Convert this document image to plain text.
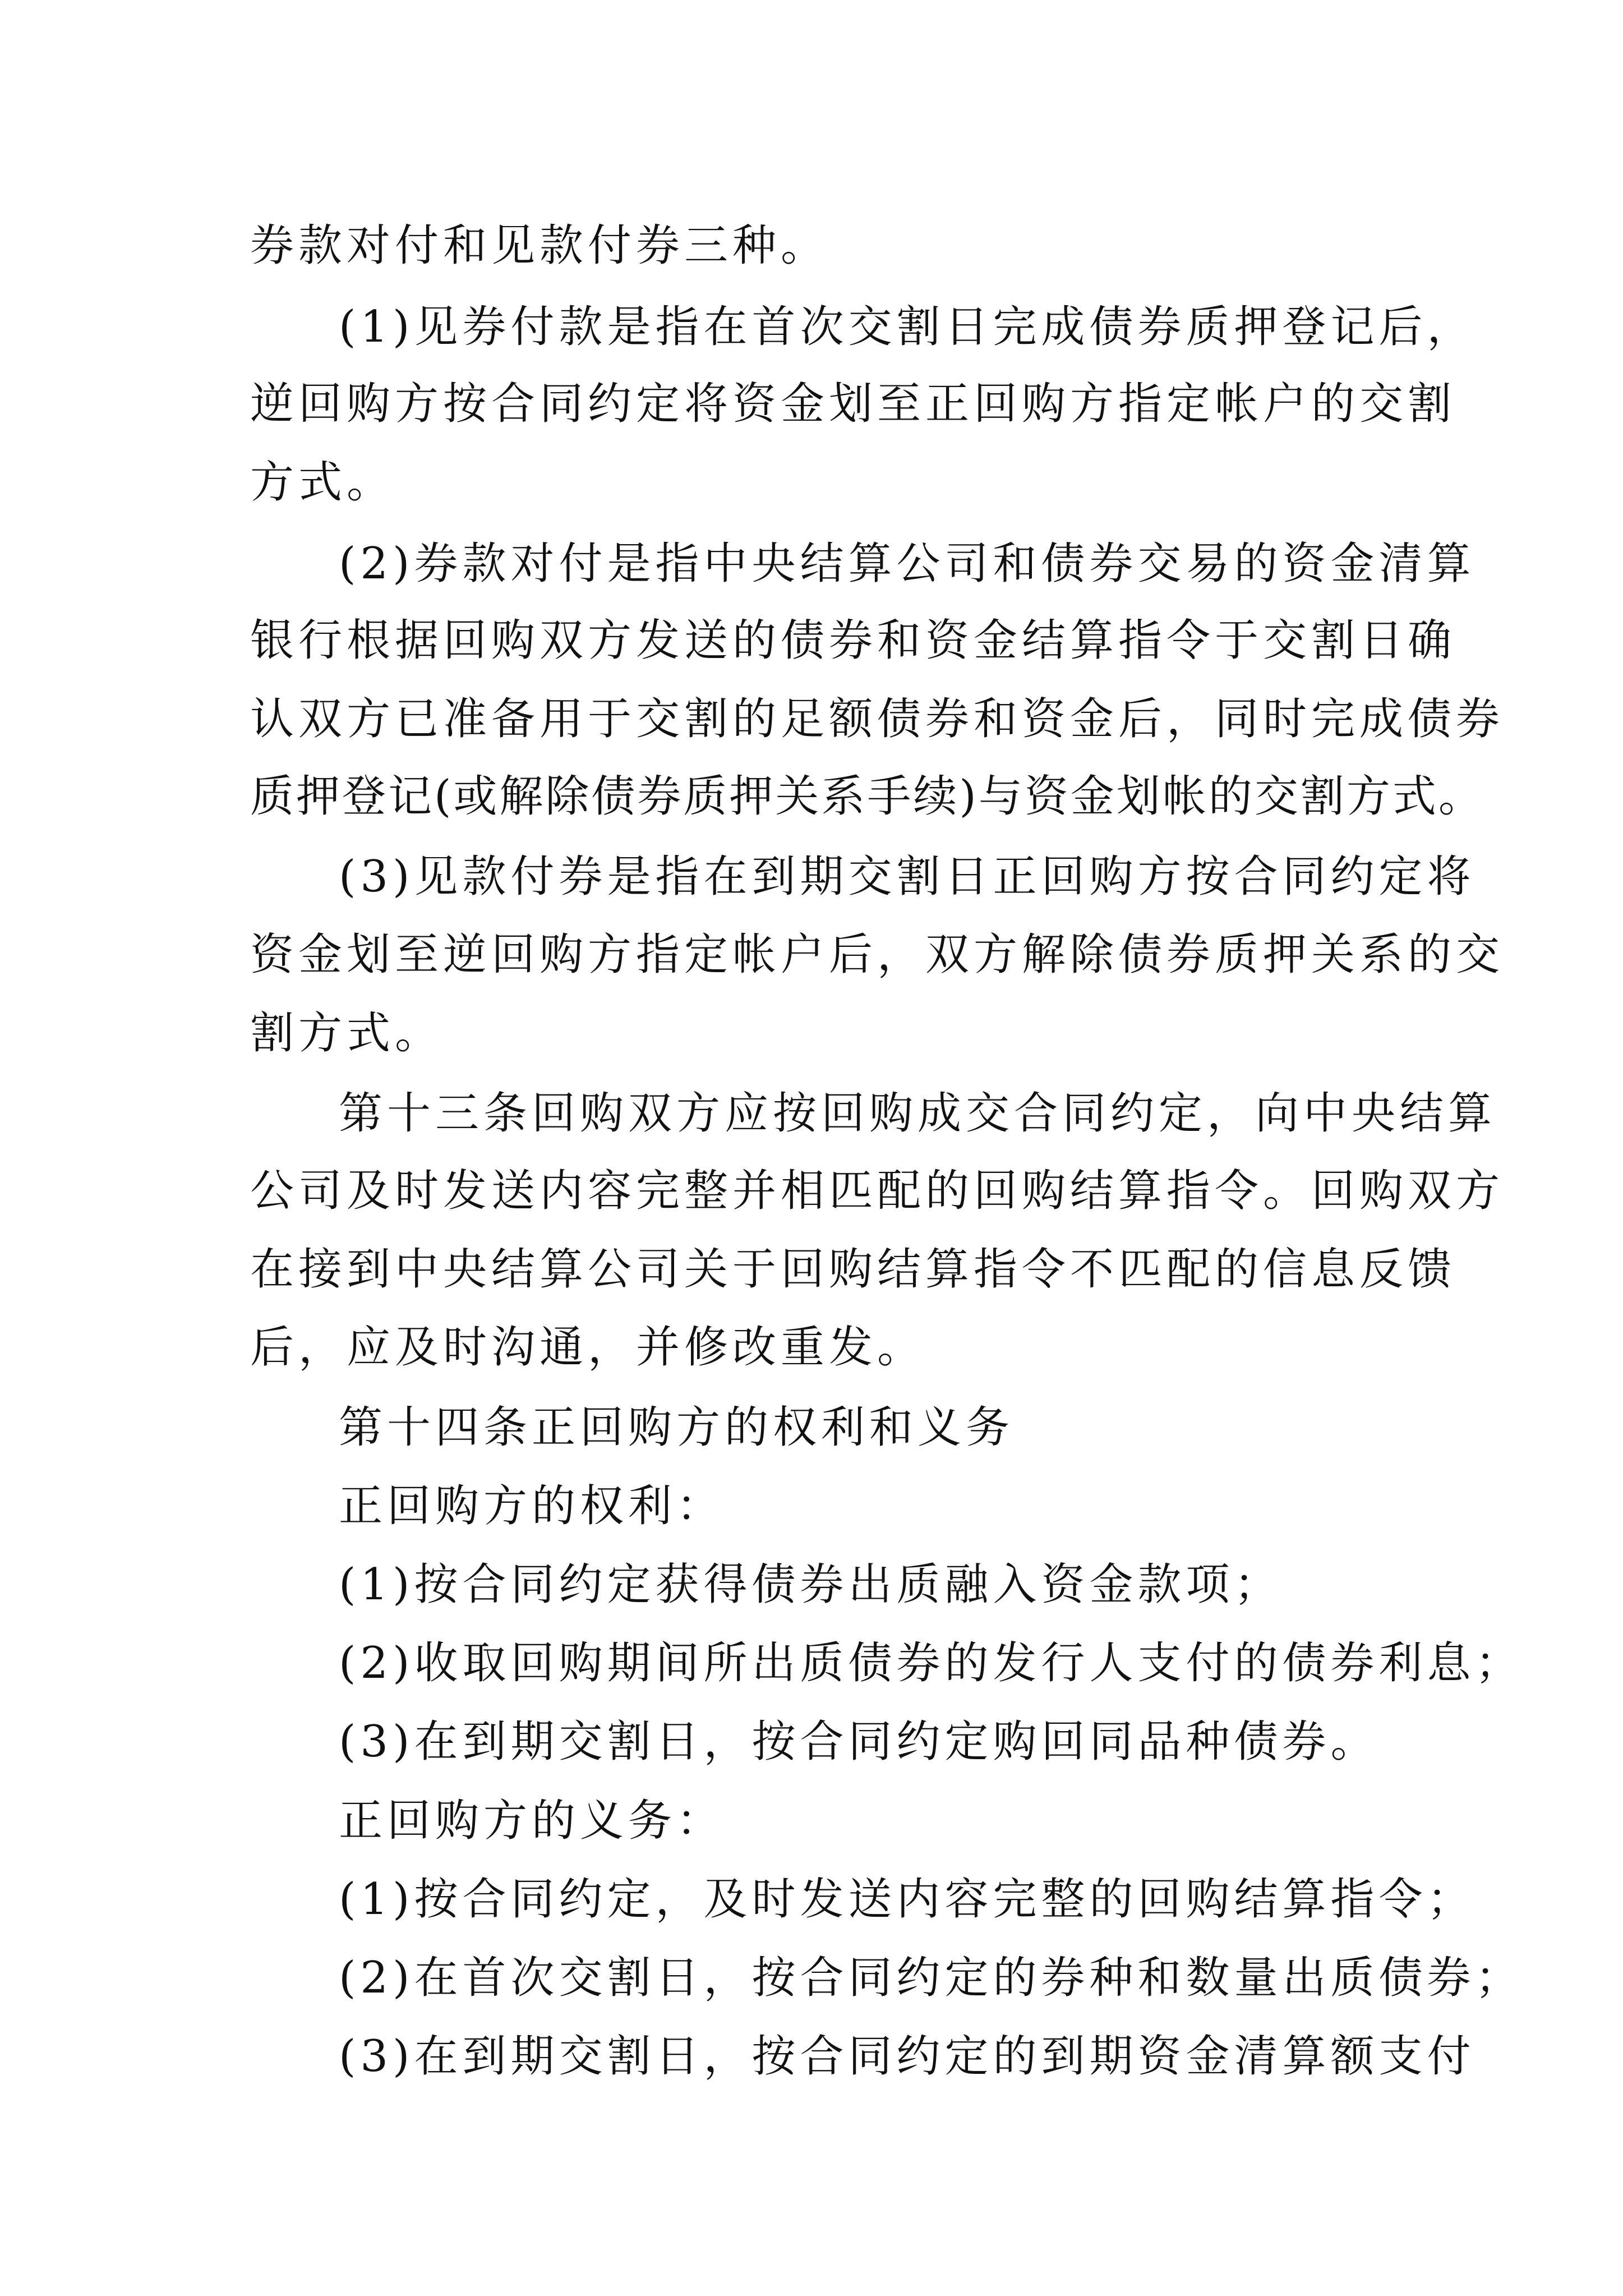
券款对付和见款付券三种。
(1)见券付款是指在首次交割日完成债券质押登记后，
逆回购方按合同约定将资金划至正回购方指定帐户的交割
方式。
(2)券款对付是指中央结算公司和债券交易的资金清算
银行根据回购双方发送的债券和资金结算指令于交割日确
认双方已准备用于交割的足额债券和资金后，同时完成债券
质押登记(或解除债券质押关系手续)与资金划帐的交割方式。
(3)见款付券是指在到期交割日正回购方按合同约定将
资金划至逆回购方指定帐户后，双方解除债券质押关系的交
割方式。
第十三条回购双方应按回购成交合同约定，向中央结算
公司及时发送内容完整并相匹配的回购结算指令。回购双方
在接到中央结算公司关于回购结算指令不匹配的信息反馈
后，应及时沟通，并修改重发。
第十四条正回购方的权利和义务
正回购方的权利：
(1)按合同约定获得债券出质融入资金款项；
(2)收取回购期间所出质债券的发行人支付的债券利息；
(3)在到期交割日，按合同约定购回同品种债券。
正回购方的义务：
(1)按合同约定，及时发送内容完整的回购结算指令；
(2)在首次交割日，按合同约定的券种和数量出质债券；
(3)在到期交割日，按合同约定的到期资金清算额支付
